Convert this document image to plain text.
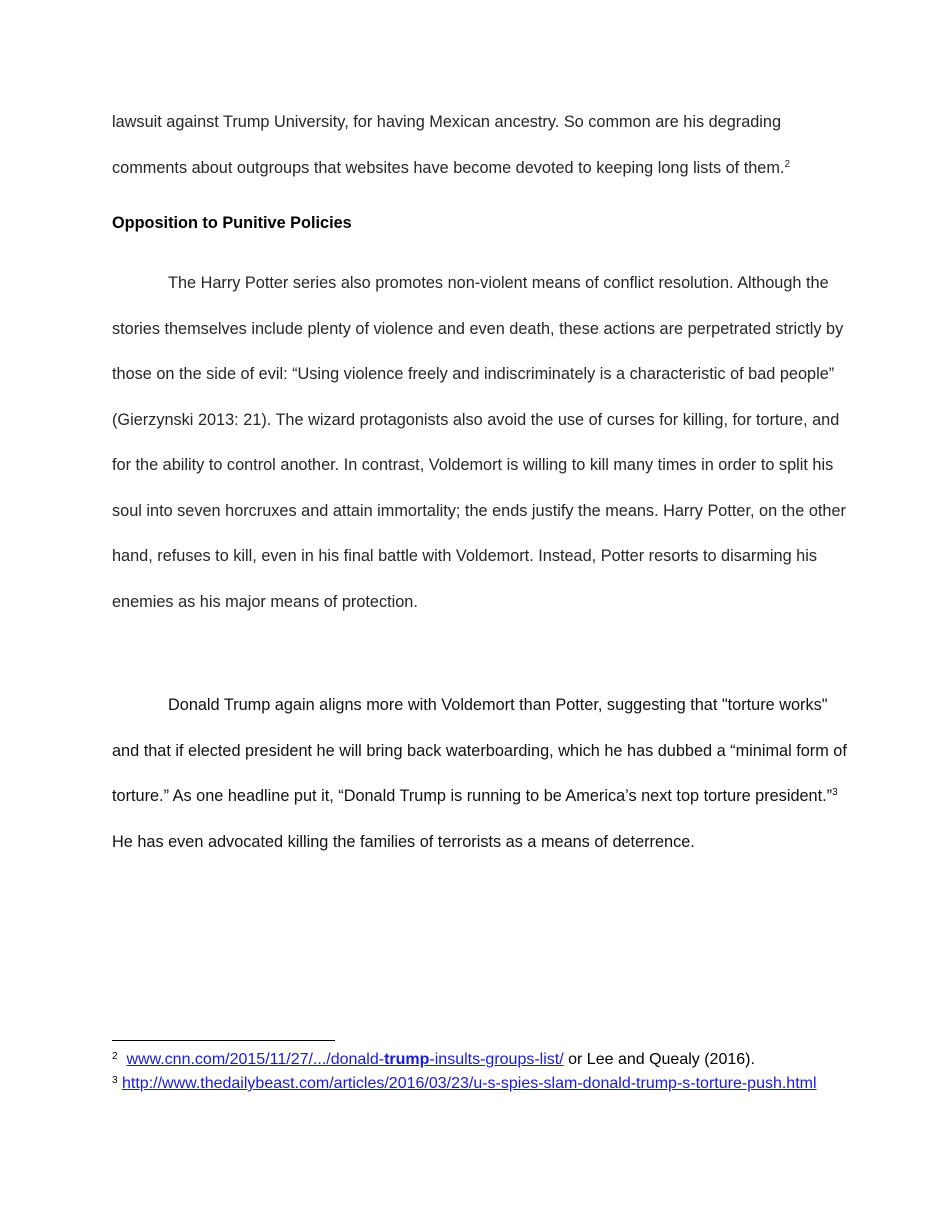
lawsuit against Trump University, for having Mexican ancestry. So common are his degrading comments about outgroups that websites have become devoted to keeping long lists of them.$^2$

Opposition to Punitive Policies

The Harry Potter series also promotes non-violent means of conflict resolution. Although the stories themselves include plenty of violence and even death, these actions are perpetrated strictly by those on the side of evil: “Using violence freely and indiscriminately is a characteristic of bad people” (Gierzynski 2013: 21). The wizard protagonists also avoid the use of curses for killing, for torture, and for the ability to control another. In contrast, Voldemort is willing to kill many times in order to split his soul into seven horcruxes and attain immortality; the ends justify the means. Harry Potter, on the other hand, refuses to kill, even in his final battle with Voldemort. Instead, Potter resorts to disarming his enemies as his major means of protection.

Donald Trump again aligns more with Voldemort than Potter, suggesting that "torture works" and that if elected president he will bring back waterboarding, which he has dubbed a “minimal form of torture.” As one headline put it, “Donald Trump is running to be America’s next top torture president.”$^3$ He has even advocated killing the families of terrorists as a means of deterrence.

$^2$ www.cnn.com/2015/11/27/.../donald-trump-insults-groups-list/ or Lee and Quealy (2016).
$^3$ http://www.thedailybeast.com/articles/2016/03/23/u-s-spies-slam-donald-trump-s-torture-push.html
